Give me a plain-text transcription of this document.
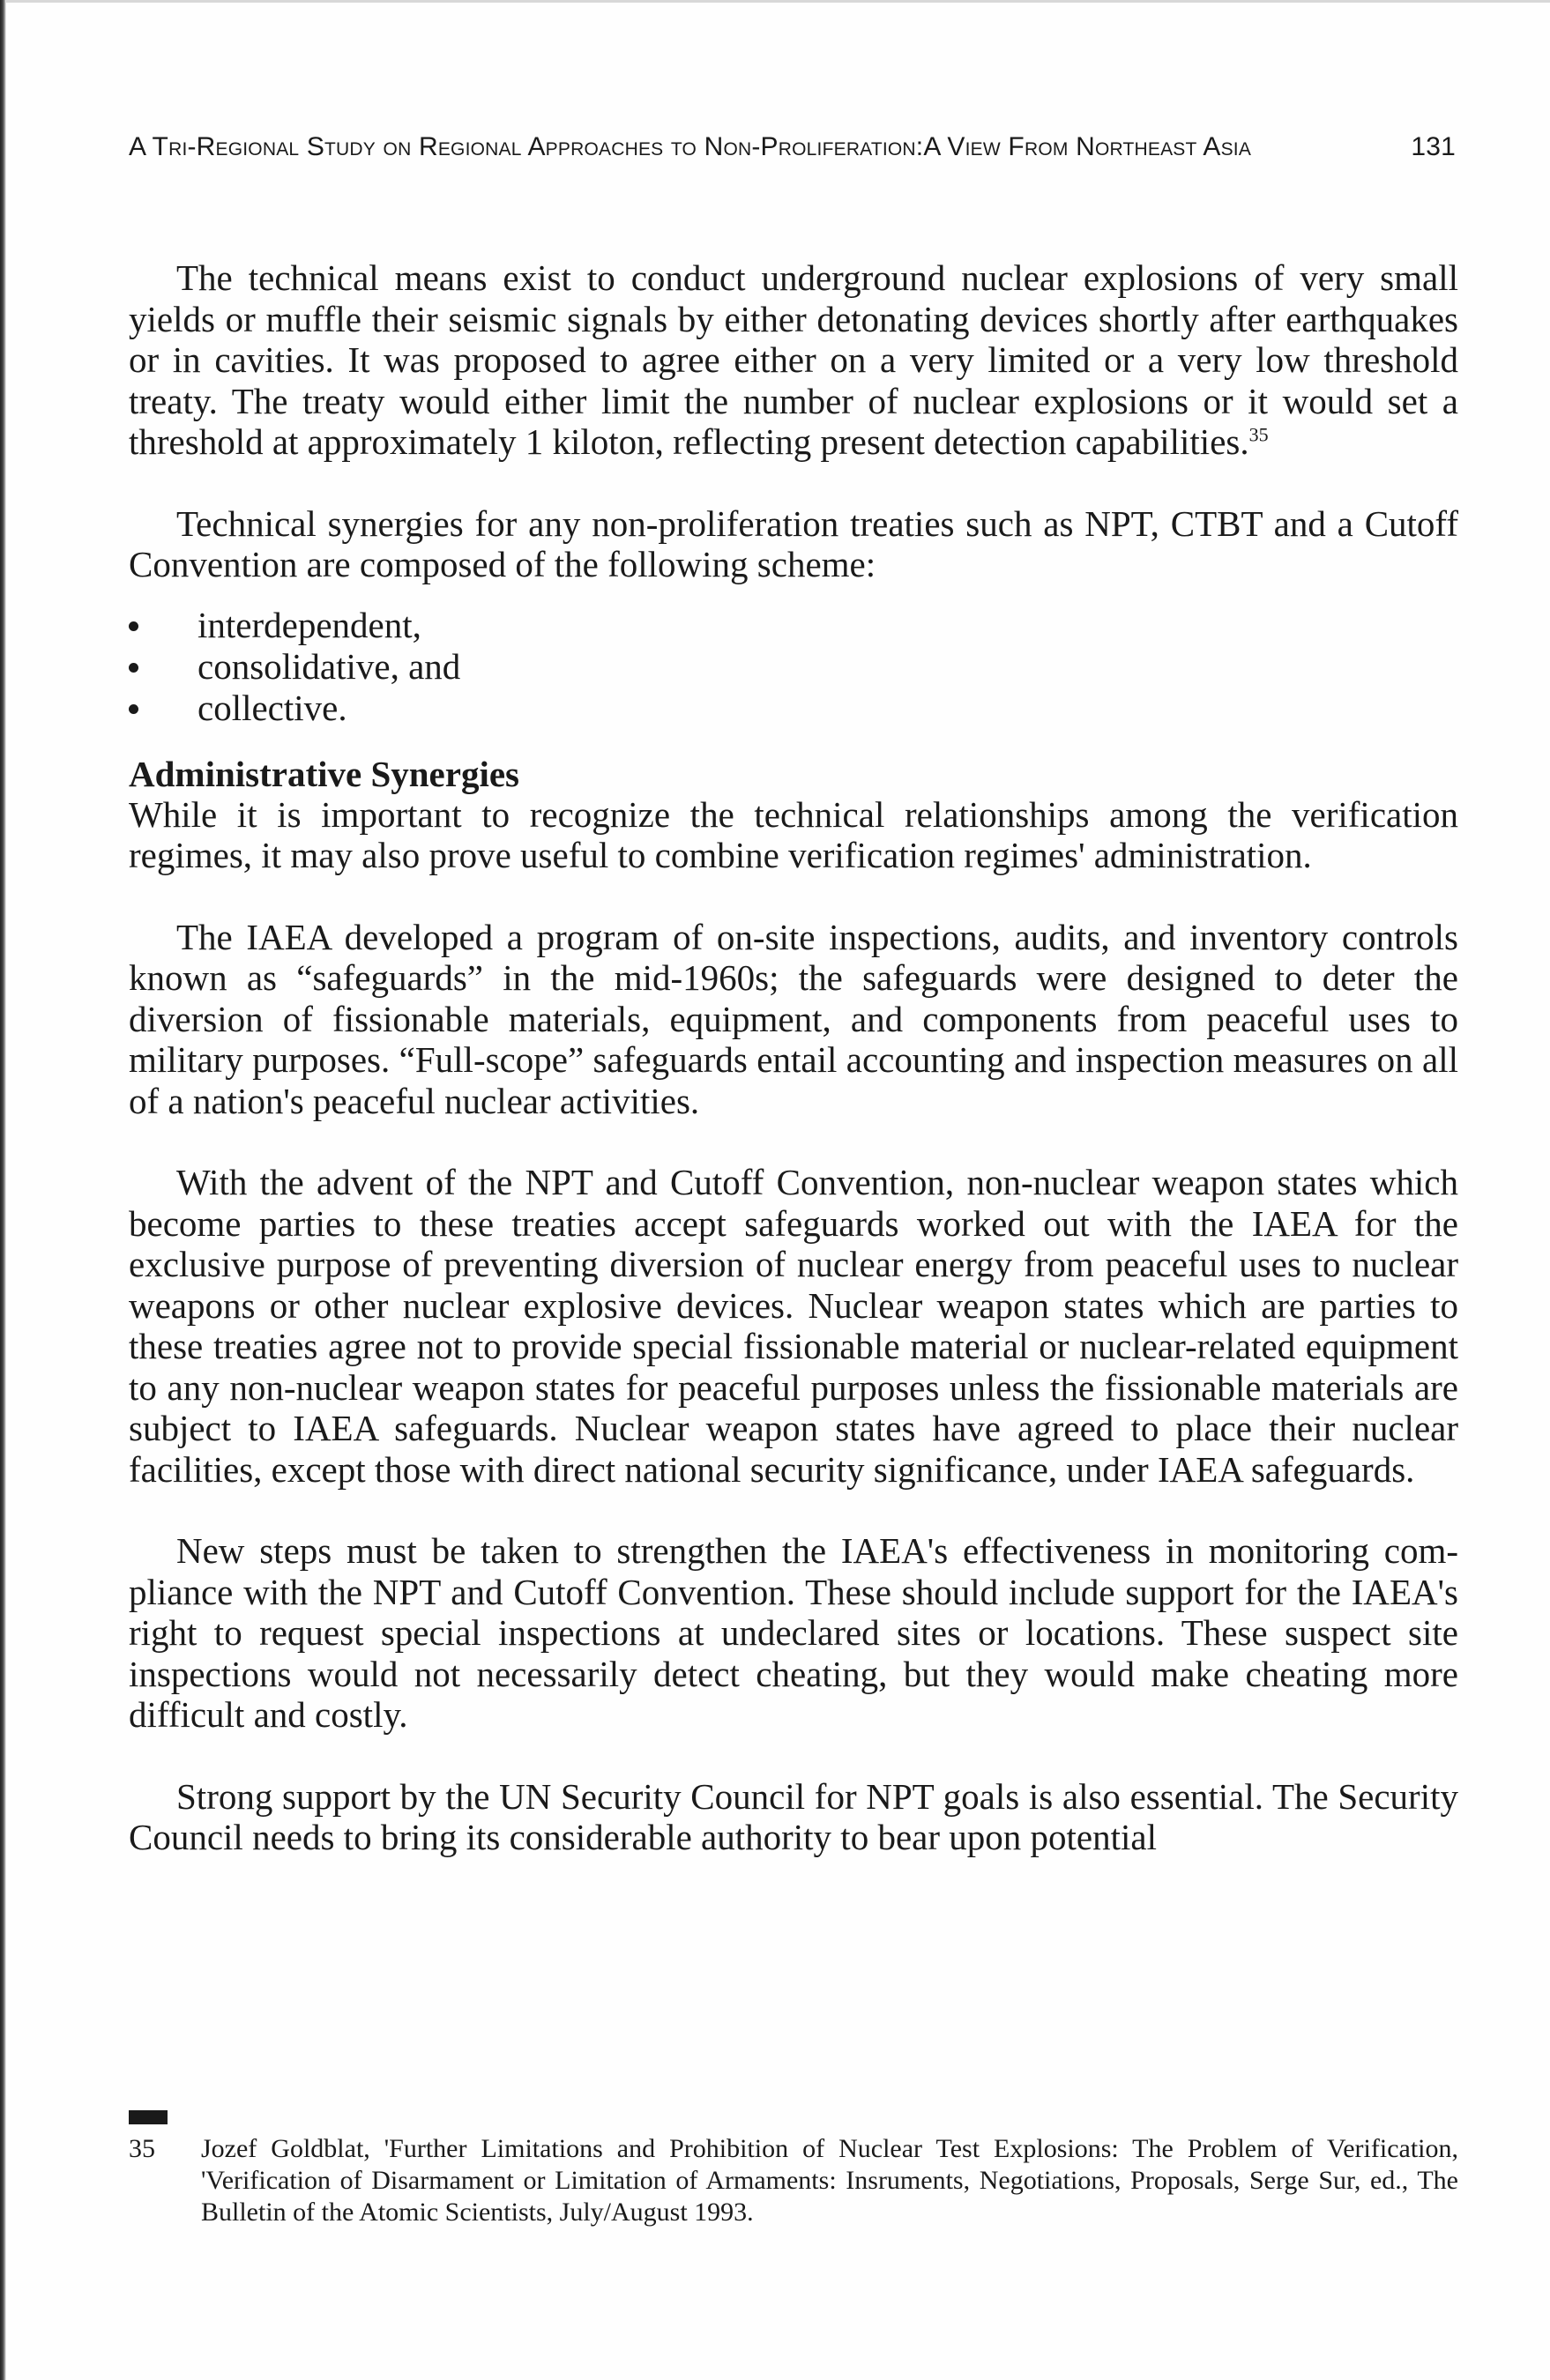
A Tri-Regional Study on Regional Approaches to Non-Proliferation:A View From Northeast Asia	131

The technical means exist to conduct underground nuclear explosions of very small yields or muffle their seismic signals by either detonating devices shortly after earthquakes or in cavities. It was proposed to agree either on a very limited or a very low threshold treaty. The treaty would either limit the number of nuclear explosions or it would set a threshold at approximately 1 kiloton, reflecting present detection capabilities.$^{35}$

Technical synergies for any non-proliferation treaties such as NPT, CTBT and a Cutoff Convention are composed of the following scheme:

interdependent,
consolidative, and
collective.
Administrative Synergies

While it is important to recognize the technical relationships among the verification regimes, it may also prove useful to combine verification regimes' administration.

The IAEA developed a program of on-site inspections, audits, and inventory controls known as “safeguards” in the mid-1960s; the safeguards were designed to deter the diversion of fissionable materials, equipment, and components from peaceful uses to military purposes. “Full-scope” safeguards entail accounting and inspection measures on all of a nation's peaceful nuclear activities.

With the advent of the NPT and Cutoff Convention, non-nuclear weapon states which become parties to these treaties accept safeguards worked out with the IAEA for the exclusive purpose of preventing diversion of nuclear energy from peaceful uses to nuclear weapons or other nuclear explosive devices. Nuclear weapon states which are parties to these treaties agree not to provide special fissionable material or nuclear-related equipment to any non-nuclear weapon states for peaceful purposes unless the fissionable materials are subject to IAEA safeguards. Nuclear weapon states have agreed to place their nuclear facilities, except those with direct national security significance, under IAEA safeguards.

New steps must be taken to strengthen the IAEA's effectiveness in monitoring compliance with the NPT and Cutoff Convention. These should include support for the IAEA's right to request special inspections at undeclared sites or locations. These suspect site inspections would not necessarily detect cheating, but they would make cheating more difficult and costly.

Strong support by the UN Security Council for NPT goals is also essential. The Security Council needs to bring its considerable authority to bear upon potential

35 Jozef Goldblat, 'Further Limitations and Prohibition of Nuclear Test Explosions: The Problem of Verification, 'Verification of Disarmament or Limitation of Armaments: Insruments, Negotiations, Proposals, Serge Sur, ed., The Bulletin of the Atomic Scientists, July/August 1993.
